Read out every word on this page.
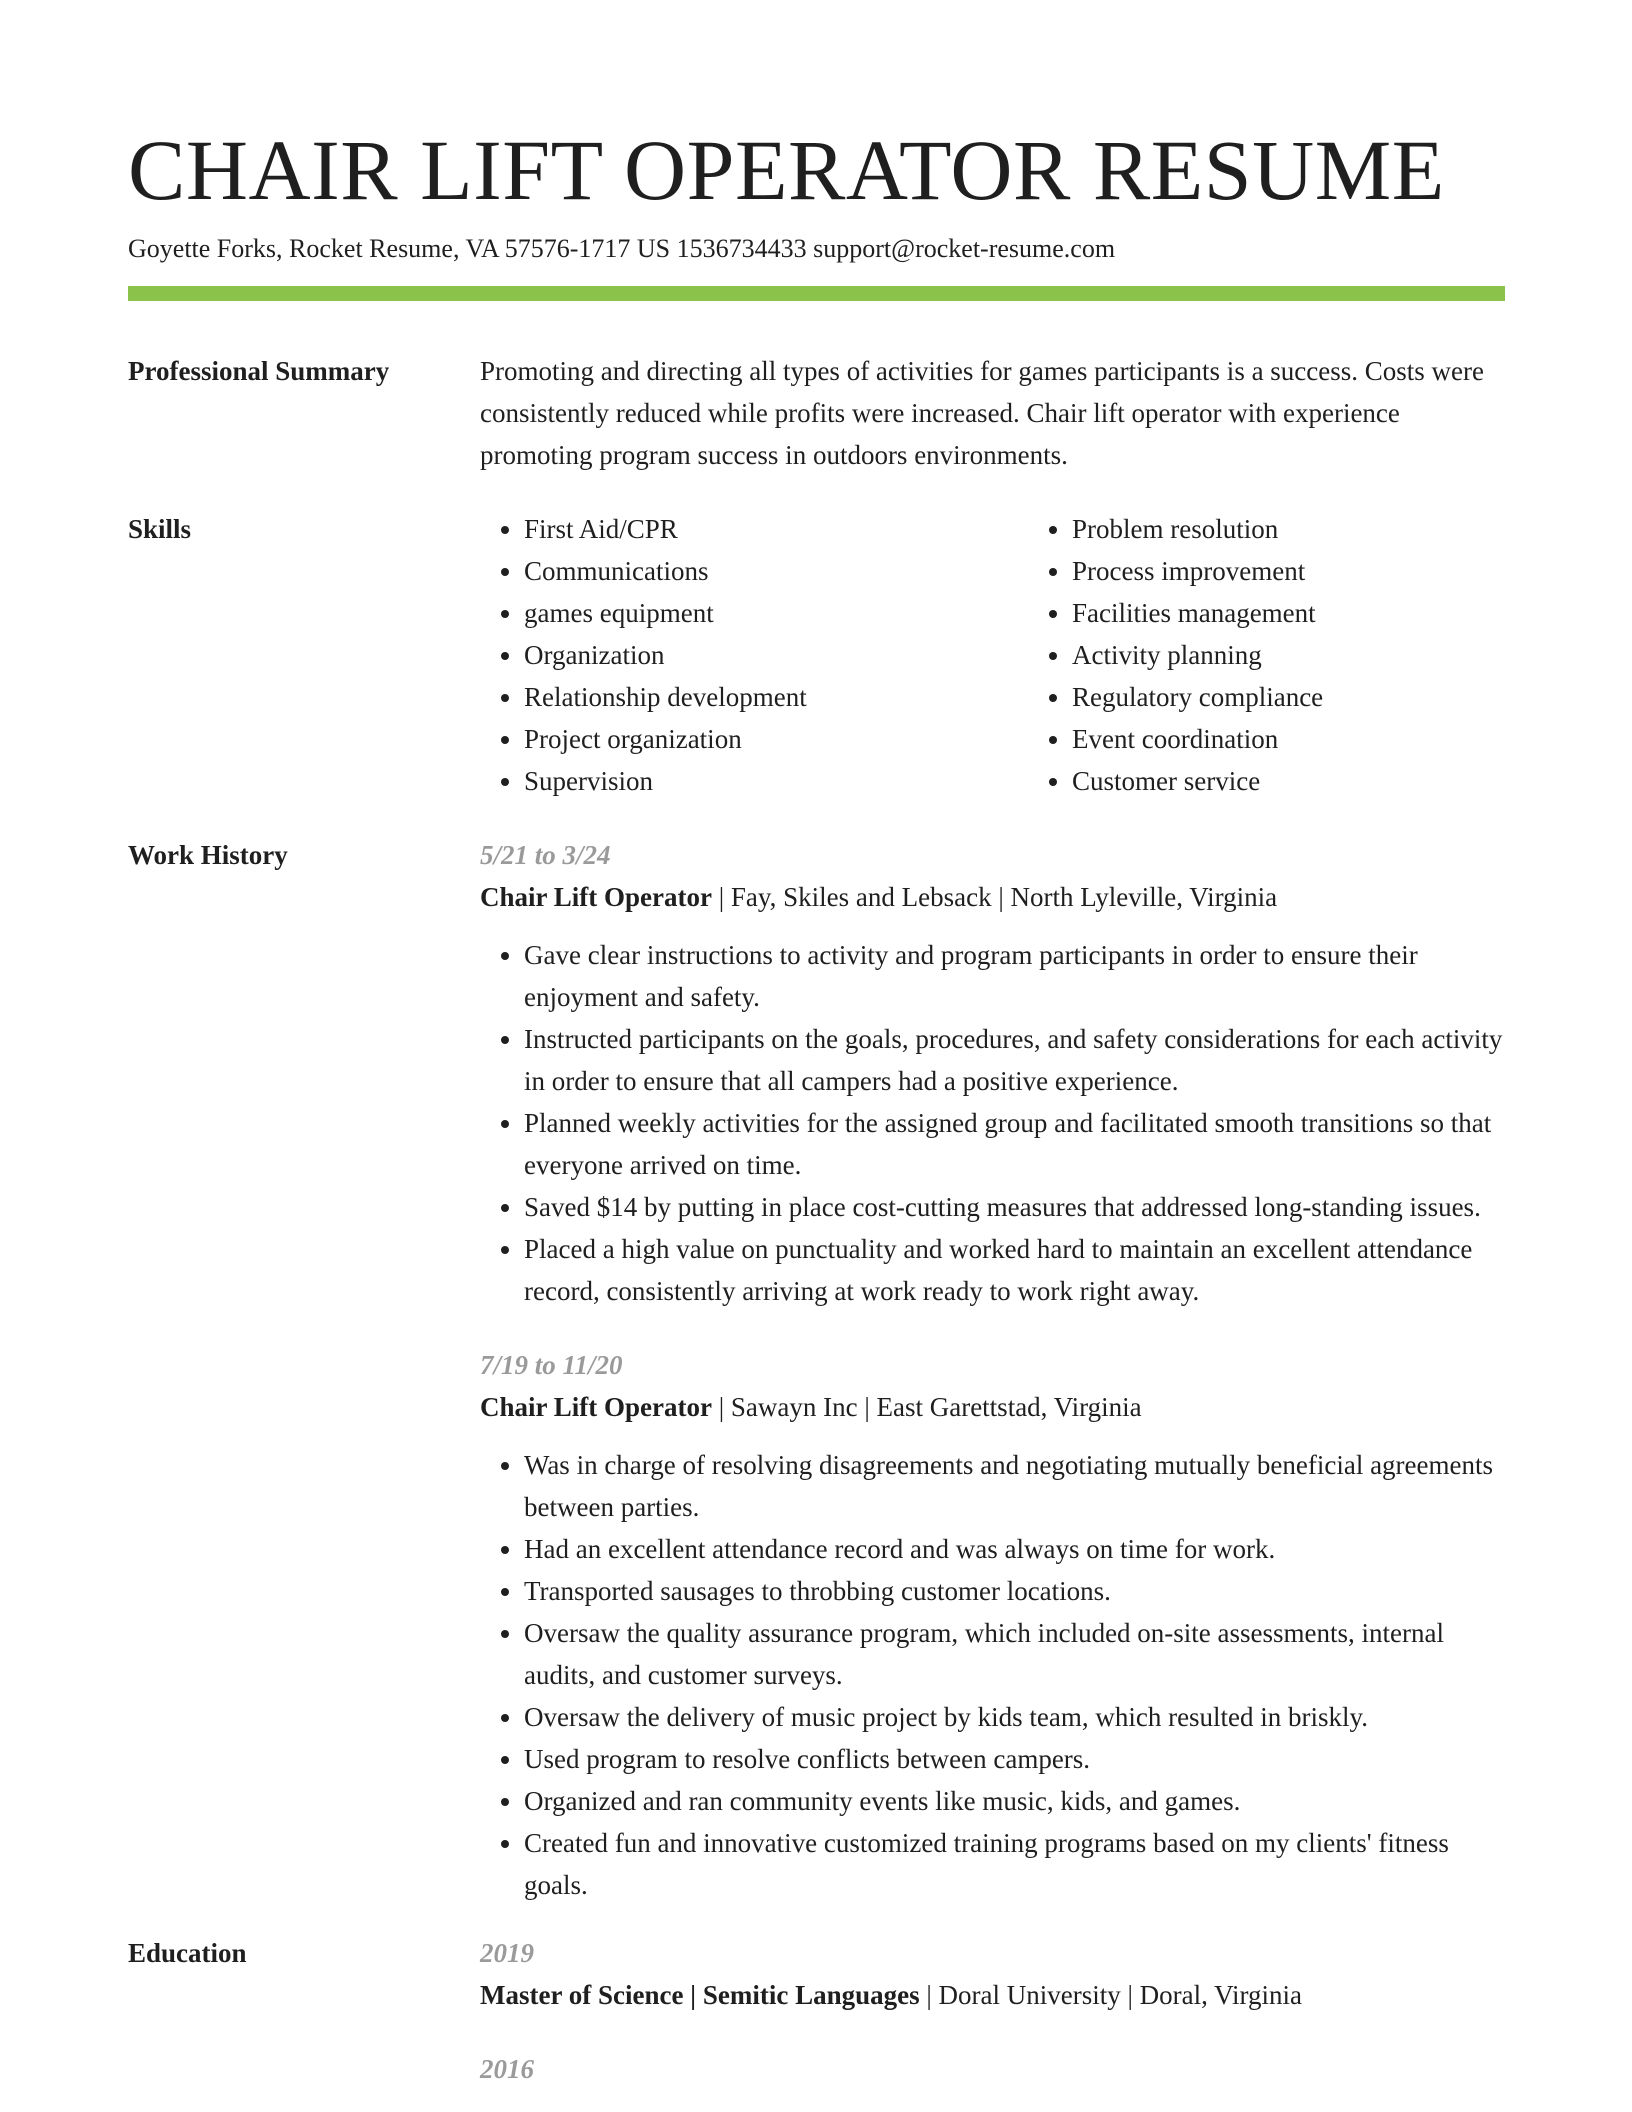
CHAIR LIFT OPERATOR RESUME
Goyette Forks, Rocket Resume, VA 57576-1717 US 1536734433 support@rocket-resume.com
Professional Summary	Promoting and directing all types of activities for games participants is a success. Costs were consistently reduced while profits were increased. Chair lift operator with experience promoting program success in outdoors environments.
Skills
•	First Aid/CPR
• Communications
• games equipment
• Organization
• Relationship development
• Project organization
• Supervision
• Problem resolution
• Process improvement
• Facilities management
• Activity planning
• Regulatory compliance
• Event coordination
• Customer service
Work History	5/21 to 3/24
Chair Lift Operator | Fay, Skiles and Lebsack | North Lyleville, Virginia
• Gave clear instructions to activity and program participants in order to ensure their enjoyment and safety.
• Instructed participants on the goals, procedures, and safety considerations for each activity in order to ensure that all campers had a positive experience.
• Planned weekly activities for the assigned group and facilitated smooth transitions so that everyone arrived on time.
• Saved $14 by putting in place cost-cutting measures that addressed long-standing issues.
• Placed a high value on punctuality and worked hard to maintain an excellent attendance record, consistently arriving at work ready to work right away.
7/19 to 11/20
Chair Lift Operator | Sawayn Inc | East Garettstad, Virginia
• Was in charge of resolving disagreements and negotiating mutually beneficial agreements between parties.
• Had an excellent attendance record and was always on time for work.
• Transported sausages to throbbing customer locations.
• Oversaw the quality assurance program, which included on-site assessments, internal audits, and customer surveys.
• Oversaw the delivery of music project by kids team, which resulted in briskly.
• Used program to resolve conflicts between campers.
• Organized and ran community events like music, kids, and games.
• Created fun and innovative customized training programs based on my clients' fitness goals.
Education	2019
Master of Science | Semitic Languages | Doral University | Doral, Virginia
2016
